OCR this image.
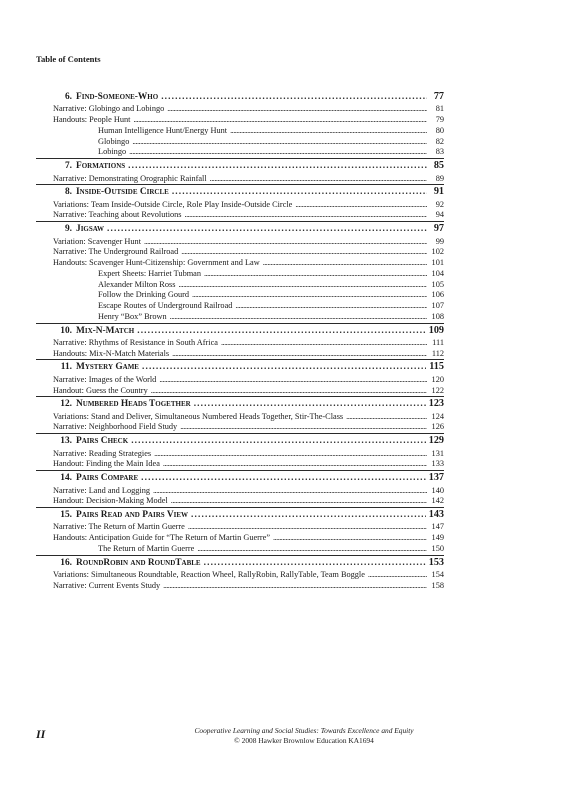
Table of Contents
6. Find-Someone-Who . . .	77
Narrative: Globingo and Lobingo . . .	81
Handouts: People Hunt . . .	79
Human Intelligence Hunt/Energy Hunt . . .	80
Globingo . . .	82
Lobingo . . .	83
7. Formations . . .	85
Narrative: Demonstrating Orographic Rainfall . . .	89
8. Inside-Outside Circle . . .	91
Variations: Team Inside-Outside Circle, Role Play Inside-Outside Circle . . .	92
Narrative: Teaching about Revolutions . . .	94
9. Jigsaw . . .	97
Variation: Scavenger Hunt . . .	99
Narrative: The Underground Railroad . . .	102
Handouts: Scavenger Hunt-Citizenship: Government and Law . . .	101
Expert Sheets: Harriet Tubman . . .	104
Alexander Milton Ross . . .	105
Follow the Drinking Gourd . . .	106
Escape Routes of Underground Railroad . . .	107
Henry “Box” Brown . . .	108
10. Mix-N-Match . . .	109
Narrative: Rhythms of Resistance in South Africa . . .	111
Handouts: Mix-N-Match Materials . . .	112
11. Mystery Game . . .	115
Narrative: Images of the World . . .	120
Handout: Guess the Country . . .	122
12. Numbered Heads Together . . .	123
Variations: Stand and Deliver, Simultaneous Numbered Heads Together, Stir-The-Class . . .	124
Narrative: Neighborhood Field Study . . .	126
13. Pairs Check . . .	129
Narrative: Reading Strategies . . .	131
Handout: Finding the Main Idea . . .	133
14. Pairs Compare . . .	137
Narrative: Land and Logging . . .	140
Handout: Decision-Making Model . . .	142
15. Pairs Read and Pairs View . . .	143
Narrative: The Return of Martin Guerre . . .	147
Handouts: Anticipation Guide for “The Return of Martin Guerre” . . .	149
The Return of Martin Guerre . . .	150
16. RoundRobin and RoundTable . . .	153
Variations: Simultaneous Roundtable, Reaction Wheel, RallyRobin, RallyTable, Team Boggle . . .	154
Narrative: Current Events Study . . .	158
II	Cooperative Learning and Social Studies: Towards Excellence and Equity
© 2008 Hawker Brownlow Education KA1694
